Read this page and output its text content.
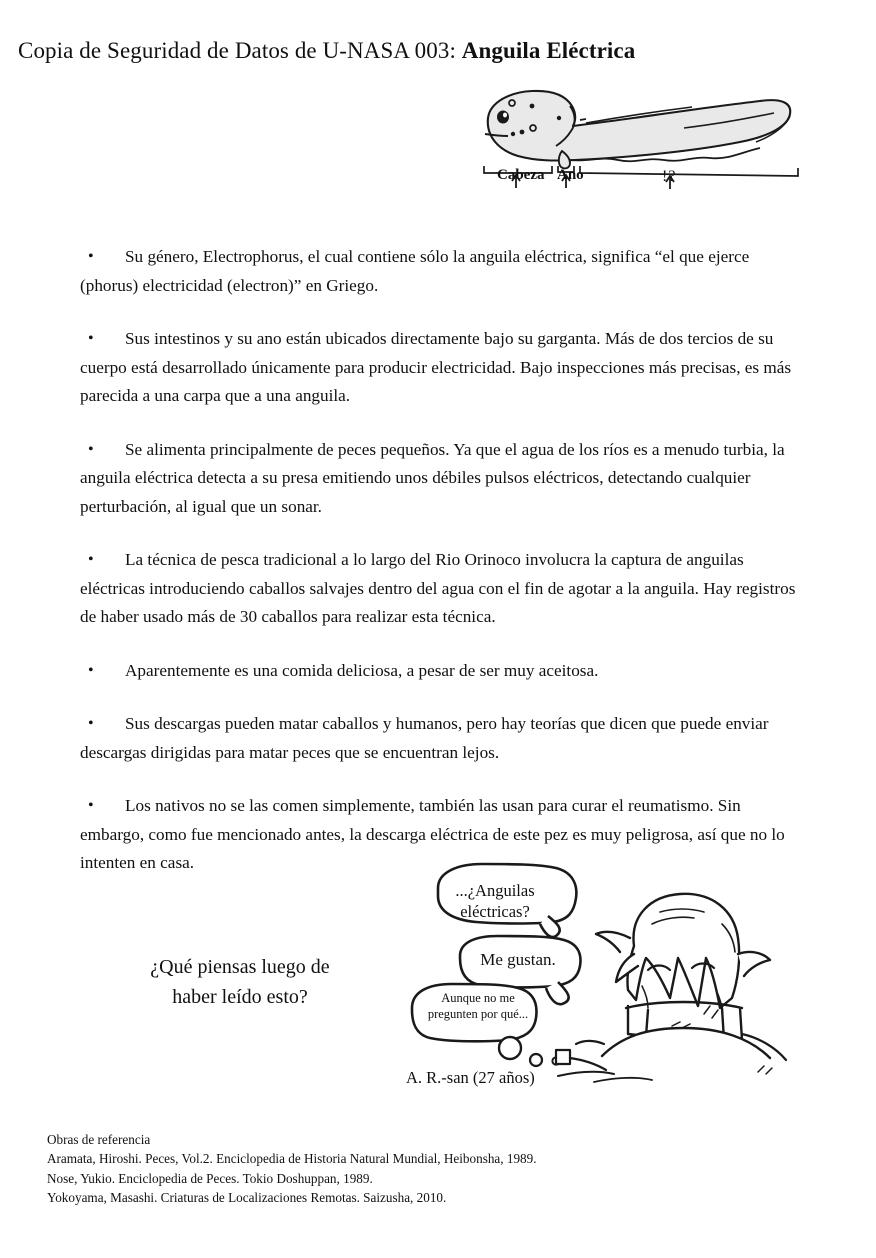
Copia de Seguridad de Datos de U-NASA 003: Anguila Eléctrica
Cabeza Ano	!?
•	Su género, Electrophorus, el cual contiene sólo la anguila eléctrica, significa “el que ejerce (phorus) electricidad (electron)” en Griego.
•	Sus intestinos y su ano están ubicados directamente bajo su garganta. Más de dos tercios de su cuerpo está desarrollado únicamente para producir electricidad. Bajo inspecciones más precisas, es más parecida a una carpa que a una anguila.
•	Se alimenta principalmente de peces pequeños. Ya que el agua de los ríos es a menudo turbia, la anguila eléctrica detecta a su presa emitiendo unos débiles pulsos eléctricos, detectando cualquier perturbación, al igual que un sonar.
•	La técnica de pesca tradicional a lo largo del Rio Orinoco involucra la captura de anguilas eléctricas introduciendo caballos salvajes dentro del agua con el fin de agotar a la anguila. Hay registros de haber usado más de 30 caballos para realizar esta técnica.
•	Aparentemente es una comida deliciosa, a pesar de ser muy aceitosa.
•	Sus descargas pueden matar caballos y humanos, pero hay teorías que dicen que puede enviar descargas dirigidas para matar peces que se encuentran lejos.
•	Los nativos no se las comen simplemente, también las usan para curar el reumatismo. Sin embargo, como fue mencionado antes, la descarga eléctrica de este pez es muy peligrosa, así que no lo intenten en casa.
¿Qué piensas luego de
haber leído esto?
...¿Anguilas eléctricas?
Me gustan.
Aunque no me pregunten por qué...
A. R.-san (27 años)
Obras de referencia
Aramata, Hiroshi. Peces, Vol.2. Enciclopedia de Historia Natural Mundial, Heibonsha, 1989.
Nose, Yukio. Enciclopedia de Peces. Tokio Doshuppan, 1989.
Yokoyama, Masashi. Criaturas de Localizaciones Remotas. Saizusha, 2010.
